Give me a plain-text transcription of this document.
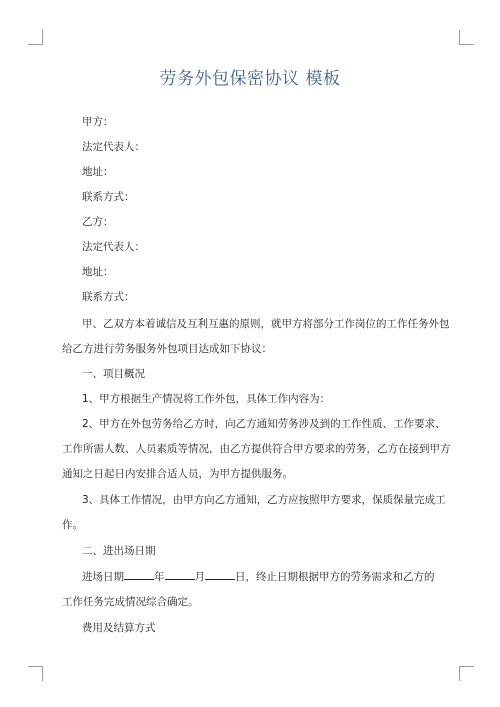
劳务外包保密协议 模板
甲方：
法定代表人：
地址：
联系方式：
乙方：
法定代表人：
地址：
联系方式：
甲、乙双方本着诚信及互利互惠的原则，就甲方将部分工作岗位的工作任务外包
给乙方进行劳务服务外包项目达成如下协议：
一、项目概况
1、甲方根据生产情况将工作外包，具体工作内容为：
2、甲方在外包劳务给乙方时，向乙方通知劳务涉及到的工作性质、工作要求、
工作所需人数、人员素质等情况，由乙方提供符合甲方要求的劳务，乙方在接到甲方
通知之日起日内安排合适人员，为甲方提供服务。
3、具体工作情况，由甲方向乙方通知，乙方应按照甲方要求，保质保量完成工
作。
二、进出场日期
进场日期	年	月	日，终止日期根据甲方的劳务需求和乙方的
工作任务完成情况综合确定。
费用及结算方式
